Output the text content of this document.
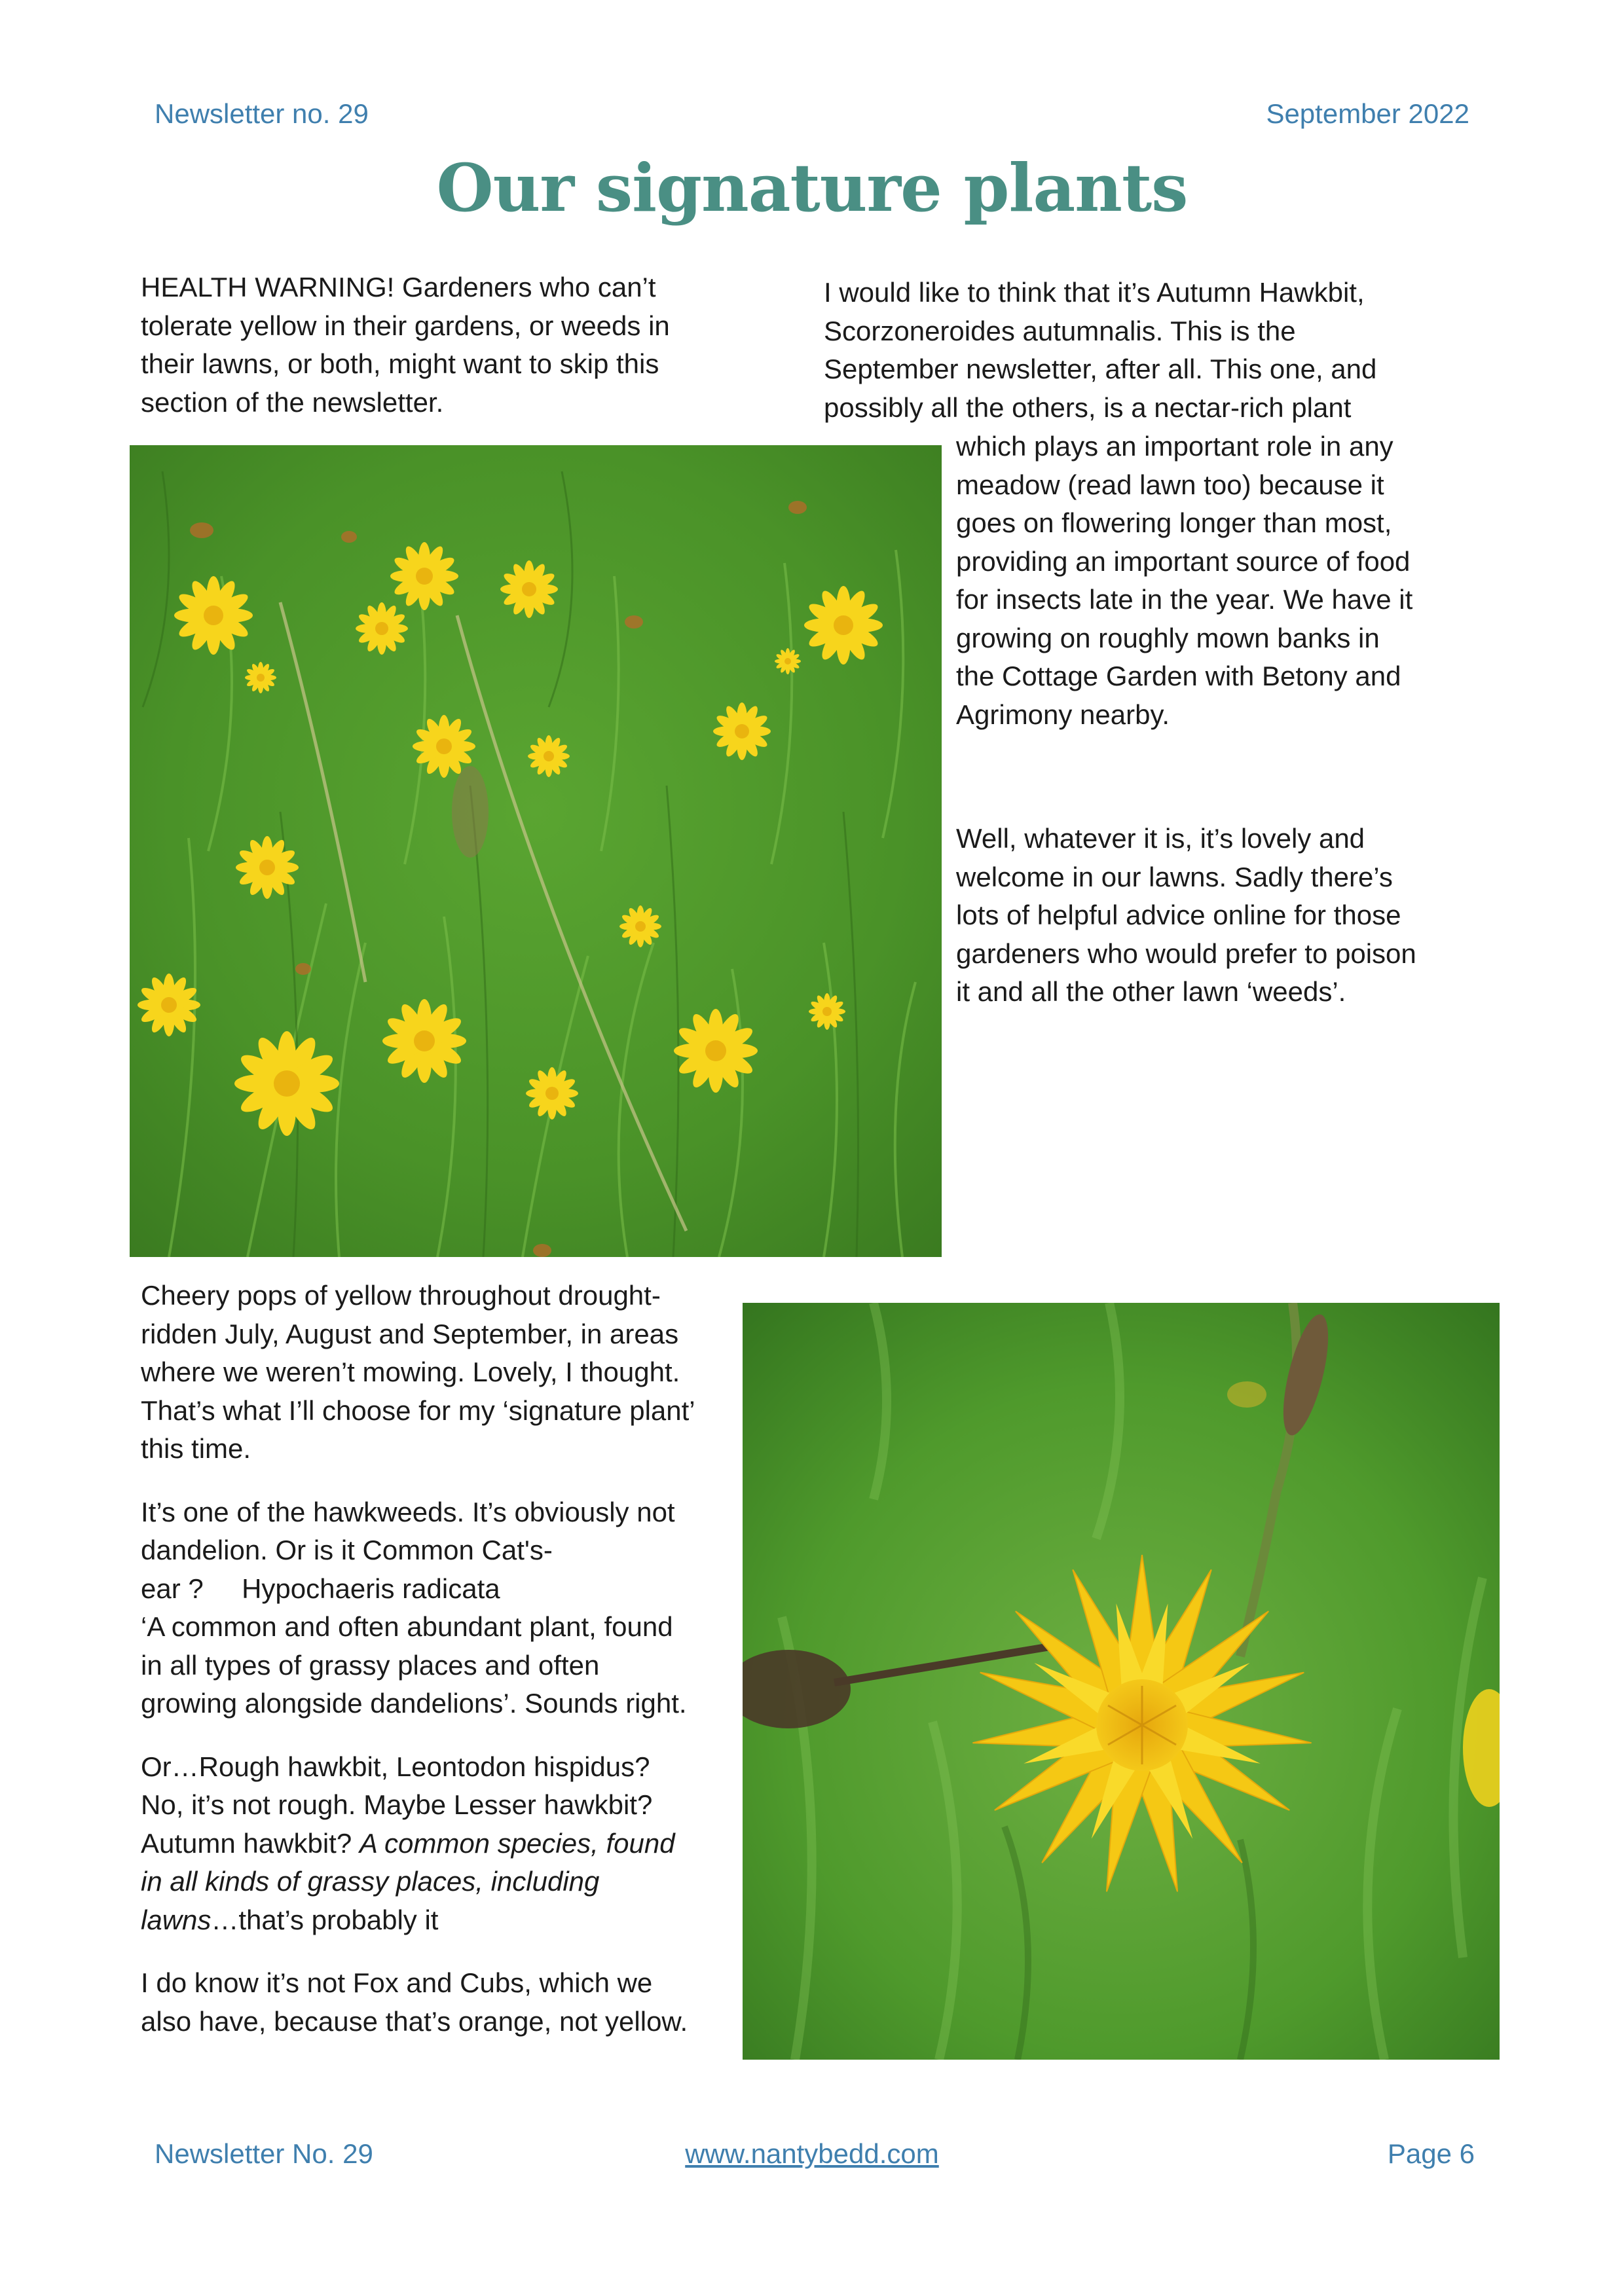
Newsletter no. 29	September 2022
Our signature plants
HEALTH WARNING! Gardeners who can’t
tolerate yellow in their gardens, or weeds in
their lawns, or both, might want to skip this
section of the newsletter.
I would like to think that it’s Autumn Hawkbit,
Scorzoneroides autumnalis. This is the
September newsletter, after all. This one, and
possibly all the others, is a nectar-rich plant
which plays an important role in any
meadow (read lawn too) because it
goes on flowering longer than most,
providing an important source of food
for insects late in the year. We have it
growing on roughly mown banks in
the Cottage Garden with Betony and
Agrimony nearby.
Well, whatever it is, it’s lovely and
welcome in our lawns. Sadly there’s
lots of helpful advice online for those
gardeners who would prefer to poison
it and all the other lawn ‘weeds’.
Cheery pops of yellow throughout drought-
ridden July, August and September, in areas
where we weren’t mowing. Lovely, I thought.
That’s what I’ll choose for my ‘signature plant’
this time.
It’s one of the hawkweeds. It’s obviously not
dandelion. Or is it Common Cat's-
ear ?     Hypochaeris radicata
‘A common and often abundant plant, found
in all types of grassy places and often
growing alongside dandelions’. Sounds right.
Or…Rough hawkbit, Leontodon hispidus?
No, it’s not rough. Maybe Lesser hawkbit?
Autumn hawkbit? A common species, found
in all kinds of grassy places, including
lawns…that’s probably it
I do know it’s not Fox and Cubs, which we
also have, because that’s orange, not yellow.
Newsletter No. 29	www.nantybedd.com	Page 6
